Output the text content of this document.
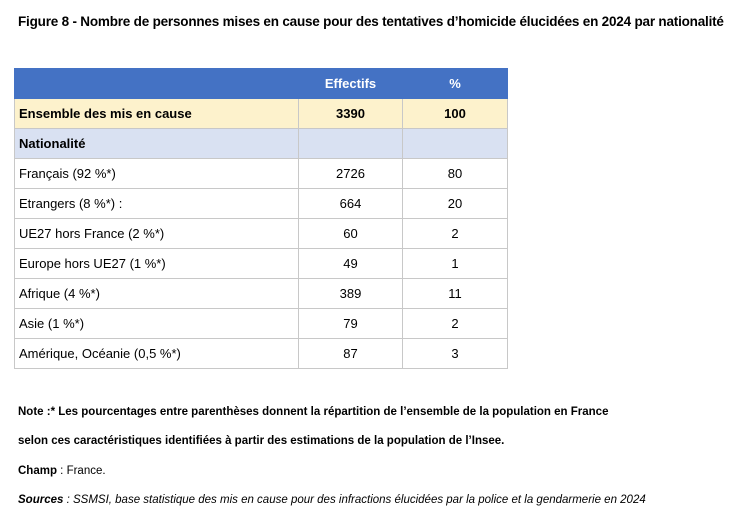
Figure 8 - Nombre de personnes mises en cause pour des tentatives d’homicide élucidées en 2024 par nationalité
	Effectifs	%
Ensemble des mis en cause	3390	100
Nationalité		
Français (92 %*)	2726	80
Etrangers (8 %*) :	664	20
UE27 hors France (2 %*)	60	2
Europe hors UE27 (1 %*)	49	1
Afrique (4 %*)	389	11
Asie (1 %*)	79	2
Amérique, Océanie (0,5 %*)	87	3
Note :* Les pourcentages entre parenthèses donnent la répartition de l’ensemble de la population en France
selon ces caractéristiques identifiées à partir des estimations de la population de l’Insee.
Champ : France.
Sources : SSMSI, base statistique des mis en cause pour des infractions élucidées par la police et la gendarmerie en 2024
